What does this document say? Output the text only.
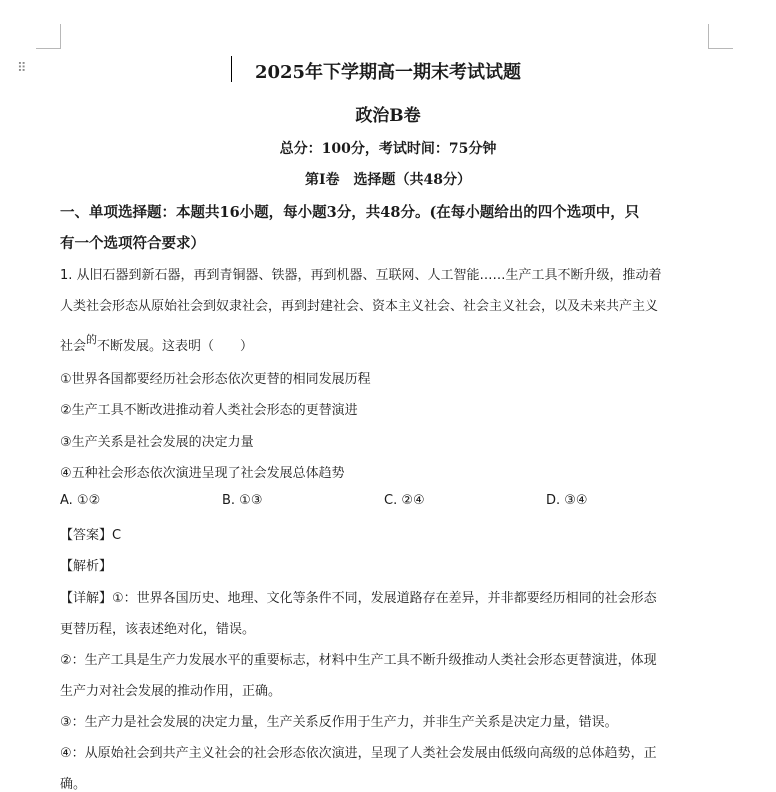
⠿	2025年下学期高一期末考试试题
政治B卷
总分：100分，考试时间：75分钟
第Ⅰ卷　选择题（共48分）
一、单项选择题：本题共16小题，每小题3分，共48分。(在每小题给出的四个选项中，只
有一个选项符合要求）
1. 从旧石器到新石器，再到青铜器、铁器，再到机器、互联网、人工智能……生产工具不断升级，推动着
人类社会形态从原始社会到奴隶社会，再到封建社会、资本主义社会、社会主义社会，以及未来共产主义
社会$^的$不断发展。这表明（　　）
①世界各国都要经历社会形态依次更替的相同发展历程
②生产工具不断改进推动着人类社会形态的更替演进
③生产关系是社会发展的决定力量
④五种社会形态依次演进呈现了社会发展总体趋势
A. ①②	B. ①③	C. ②④	D. ③④
【答案】C
【解析】
【详解】①：世界各国历史、地理、文化等条件不同，发展道路存在差异，并非都要经历相同的社会形态
更替历程，该表述绝对化，错误。
②：生产工具是生产力发展水平的重要标志，材料中生产工具不断升级推动人类社会形态更替演进，体现
生产力对社会发展的推动作用，正确。
③：生产力是社会发展的决定力量，生产关系反作用于生产力，并非生产关系是决定力量，错误。
④：从原始社会到共产主义社会的社会形态依次演进，呈现了人类社会发展由低级向高级的总体趋势，正
确。
